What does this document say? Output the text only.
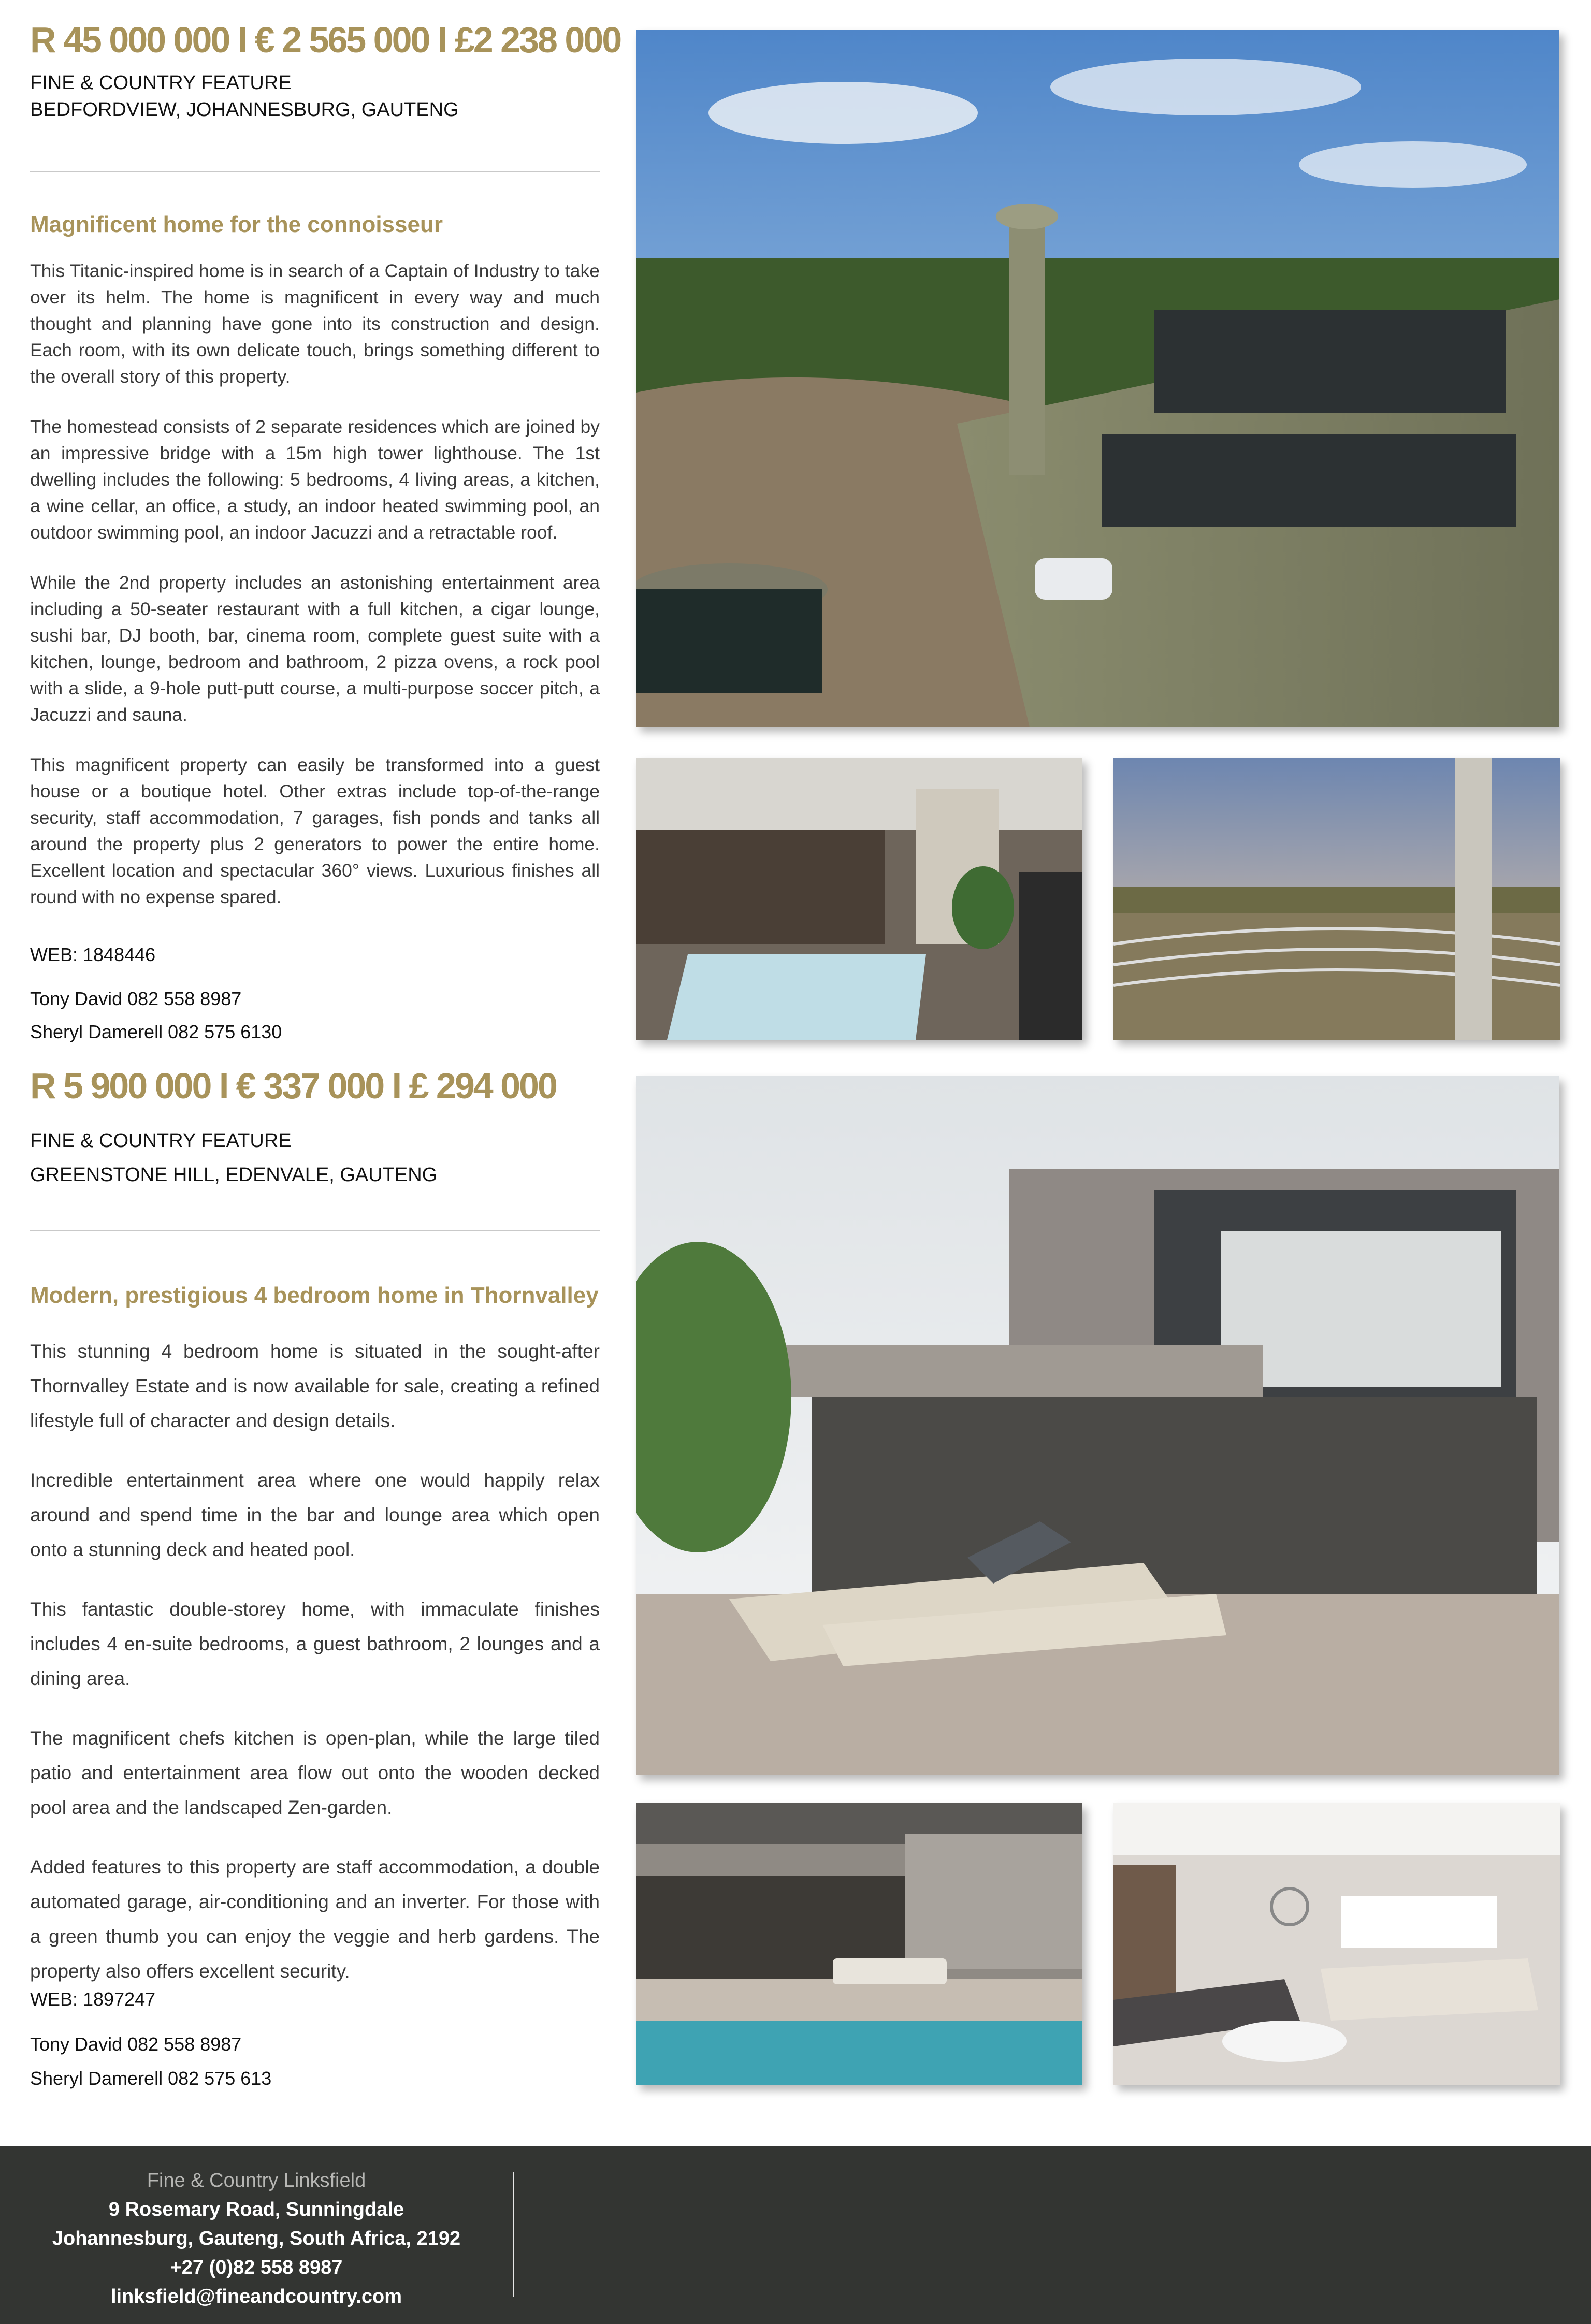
R 45 000 000 I € 2 565 000 I £2 238 000

FINE & COUNTRY FEATURE

BEDFORDVIEW, JOHANNESBURG, GAUTENG

Magnificent home for the connoisseur

This Titanic-inspired home is in search of a Captain of Industry to take over its helm. The home is magnificent in every way and much thought and planning have gone into its construction and design. Each room, with its own delicate touch, brings something different to the overall story of this property.

The homestead consists of 2 separate residences which are joined by an impressive bridge with a 15m high tower lighthouse. The 1st dwelling includes the following: 5 bedrooms, 4 living areas, a kitchen, a wine cellar, an office, a study, an indoor heated swimming pool, an outdoor swimming pool, an indoor Jacuzzi and a retractable roof.

While the 2nd property includes an astonishing entertainment area including a 50-seater restaurant with a full kitchen, a cigar lounge, sushi bar, DJ booth, bar, cinema room, complete guest suite with a kitchen, lounge, bedroom and bathroom, 2 pizza ovens, a rock pool with a slide, a 9-hole putt-putt course, a multi-purpose soccer pitch, a Jacuzzi and sauna.

This magnificent property can easily be transformed into a guest house or a boutique hotel. Other extras include top-of-the-range security, staff accommodation, 7 garages, fish ponds and tanks all around the property plus 2 generators to power the entire home. Excellent location and spectacular 360° views. Luxurious finishes all round with no expense spared.

WEB: 1848446
Tony David 082 558 8987
Sheryl Damerell 082 575 6130
R 5 900 000 I € 337 000 I £ 294 000

FINE & COUNTRY FEATURE

GREENSTONE HILL, EDENVALE, GAUTENG

Modern, prestigious 4 bedroom home in Thornvalley

This stunning 4 bedroom home is situated in the sought-after Thornvalley Estate and is now available for sale, creating a refined lifestyle full of character and design details.

Incredible entertainment area where one would happily relax around and spend time in the bar and lounge area which open onto a stunning deck and heated pool.

This fantastic double-storey home, with immaculate finishes includes 4 en-suite bedrooms, a guest bathroom, 2 lounges and a dining area.

The magnificent chefs kitchen is open-plan, while the large tiled patio and entertainment area flow out onto the wooden decked pool area and the landscaped Zen-garden.

Added features to this property are staff accommodation, a double automated garage, air-conditioning and an inverter. For those with a green thumb you can enjoy the veggie and herb gardens. The property also offers excellent security.

WEB: 1897247
Tony David 082 558 8987
Sheryl Damerell 082 575 613
Fine & Country Linksfield
9 Rosemary Road, Sunningdale
Johannesburg, Gauteng, South Africa, 2192
+27 (0)82 558 8987
linksfield@fineandcountry.com
